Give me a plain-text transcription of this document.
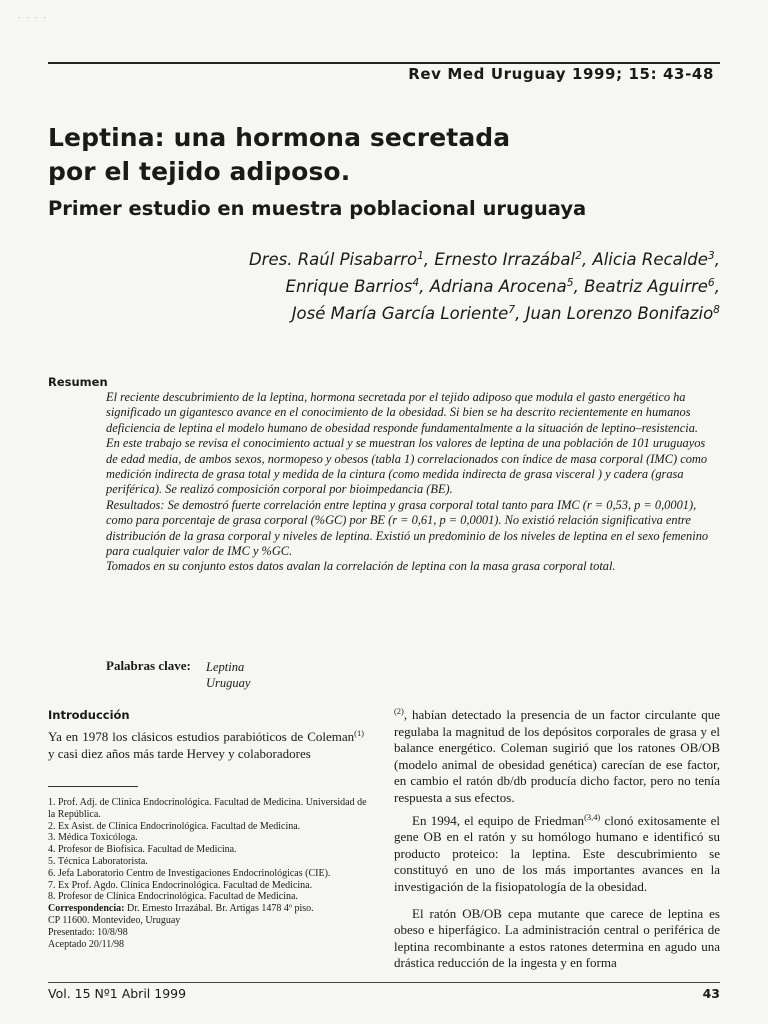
. . . .
Rev Med Uruguay 1999; 15: 43-48
Leptina: una hormona secretada
por el tejido adiposo.
Primer estudio en muestra poblacional uruguaya

Dres. Raúl Pisabarro$^1$, Ernesto Irrazábal$^2$, Alicia Recalde$^3$,

Enrique Barrios$^4$, Adriana Arocena$^5$, Beatriz Aguirre$^6$,

José María García Loriente$^7$, Juan Lorenzo Bonifazio$^8$

Resumen

El reciente descubrimiento de la leptina, hormona secretada por el tejido adiposo que modula el gasto energético ha significado un gigantesco avance en el conocimiento de la obesidad. Si bien se ha descrito recientemente en humanos deficiencia de leptina el modelo humano de obesidad responde fundamentalmente a la situación de leptino–resistencia.

En este trabajo se revisa el conocimiento actual y se muestran los valores de leptina de una población de 101 uruguayos de edad media, de ambos sexos, normopeso y obesos (tabla 1) correlacionados con índice de masa corporal (IMC) como medición indirecta de grasa total y medida de la cintura (como medida indirecta de grasa visceral ) y cadera (grasa periférica). Se realizó composición corporal por bioimpedancia (BE).

Resultados: Se demostró fuerte correlación entre leptina y grasa corporal total tanto para IMC (r = 0,53, p = 0,0001), como para porcentaje de grasa corporal (%GC) por BE (r = 0,61, p = 0,0001). No existió relación significativa entre distribución de la grasa corporal y niveles de leptina. Existió un predominio de los niveles de leptina en el sexo femenino para cualquier valor de IMC y %GC.

Tomados en su conjunto estos datos avalan la correlación de leptina con la masa grasa corporal total.

Palabras clave: Leptina
Uruguay
Introducción

Ya en 1978 los clásicos estudios parabióticos de Coleman$^{(1)}$ y casi diez años más tarde Hervey y colaboradores

1. Prof. Adj. de Clínica Endocrinológica. Facultad de Medicina. Universidad de la República.

2. Ex Asist. de Clínica Endocrinológica. Facultad de Medicina.

3. Médica Toxicóloga.

4. Profesor de Biofísica. Facultad de Medicina.

5. Técnica Laboratorista.

6. Jefa Laboratorio Centro de Investigaciones Endocrinológicas (CIE).

7. Ex Prof. Agdo. Clínica Endocrinológica. Facultad de Medicina.

8. Profesor de Clínica Endocrinológica. Facultad de Medicina.

Correspondencia: Dr. Ernesto Irrazábal. Br. Artigas 1478 4º piso.

CP 11600. Montevideo, Uruguay

Presentado: 10/8/98

Aceptado 20/11/98

$^{(2)}$, habían detectado la presencia de un factor circulante que regulaba la magnitud de los depósitos corporales de grasa y el balance energético. Coleman sugirió que los ratones OB/OB (modelo animal de obesidad genética) carecían de ese factor, en cambio el ratón db/db producía dicho factor, pero no tenía respuesta a sus efectos.

En 1994, el equipo de Friedman$^{(3,4)}$ clonó exitosamente el gene OB en el ratón y su homólogo humano e identificó su producto proteico: la leptina. Este descubrimiento se constituyó en uno de los más importantes avances en la investigación de la fisiopatología de la obesidad.

El ratón OB/OB cepa mutante que carece de leptina es obeso e hiperfágico. La administración central o periférica de leptina recombinante a estos ratones determina en agudo una drástica reducción de la ingesta y en forma

Vol. 15 Nº1 Abril 1999	43
